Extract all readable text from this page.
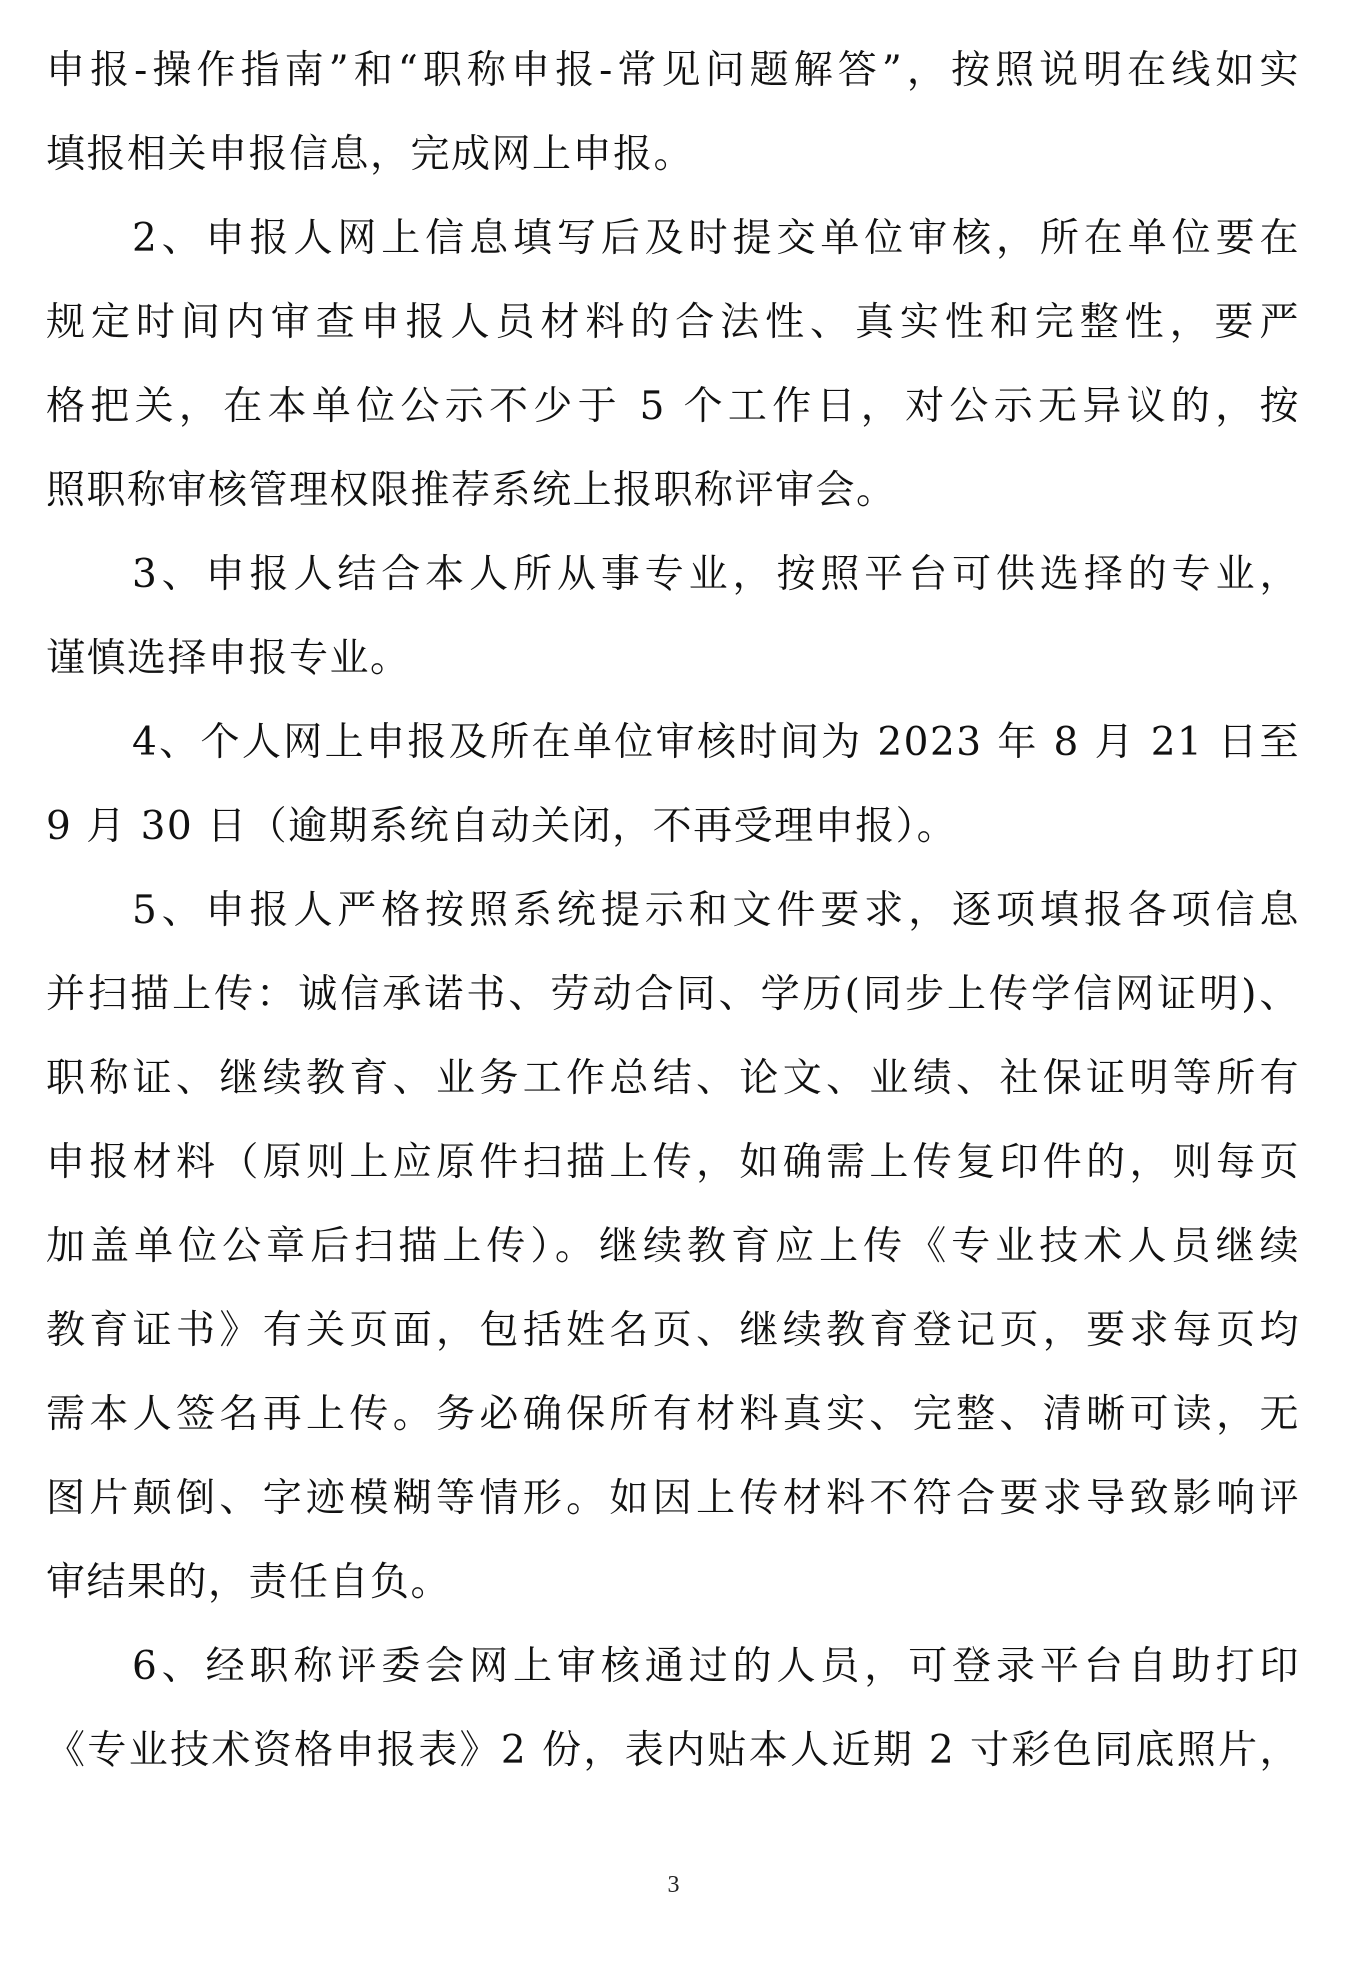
申报-操作指南”和“职称申报-常见问题解答”，按照说明在线如实
填报相关申报信息，完成网上申报。
2、申报人网上信息填写后及时提交单位审核，所在单位要在
规定时间内审查申报人员材料的合法性、真实性和完整性，要严
格把关，在本单位公示不少于 5 个工作日，对公示无异议的，按
照职称审核管理权限推荐系统上报职称评审会。
3、申报人结合本人所从事专业，按照平台可供选择的专业，
谨慎选择申报专业。
4、个人网上申报及所在单位审核时间为 2023 年 8 月 21 日至
9 月 30 日（逾期系统自动关闭，不再受理申报）。
5、申报人严格按照系统提示和文件要求，逐项填报各项信息
并扫描上传：诚信承诺书、劳动合同、学历(同步上传学信网证明)、
职称证、继续教育、业务工作总结、论文、业绩、社保证明等所有
申报材料（原则上应原件扫描上传，如确需上传复印件的，则每页
加盖单位公章后扫描上传）。继续教育应上传《专业技术人员继续
教育证书》有关页面，包括姓名页、继续教育登记页，要求每页均
需本人签名再上传。务必确保所有材料真实、完整、清晰可读，无
图片颠倒、字迹模糊等情形。如因上传材料不符合要求导致影响评
审结果的，责任自负。
6、经职称评委会网上审核通过的人员，可登录平台自助打印
《专业技术资格申报表》2 份，表内贴本人近期 2 寸彩色同底照片，
3
